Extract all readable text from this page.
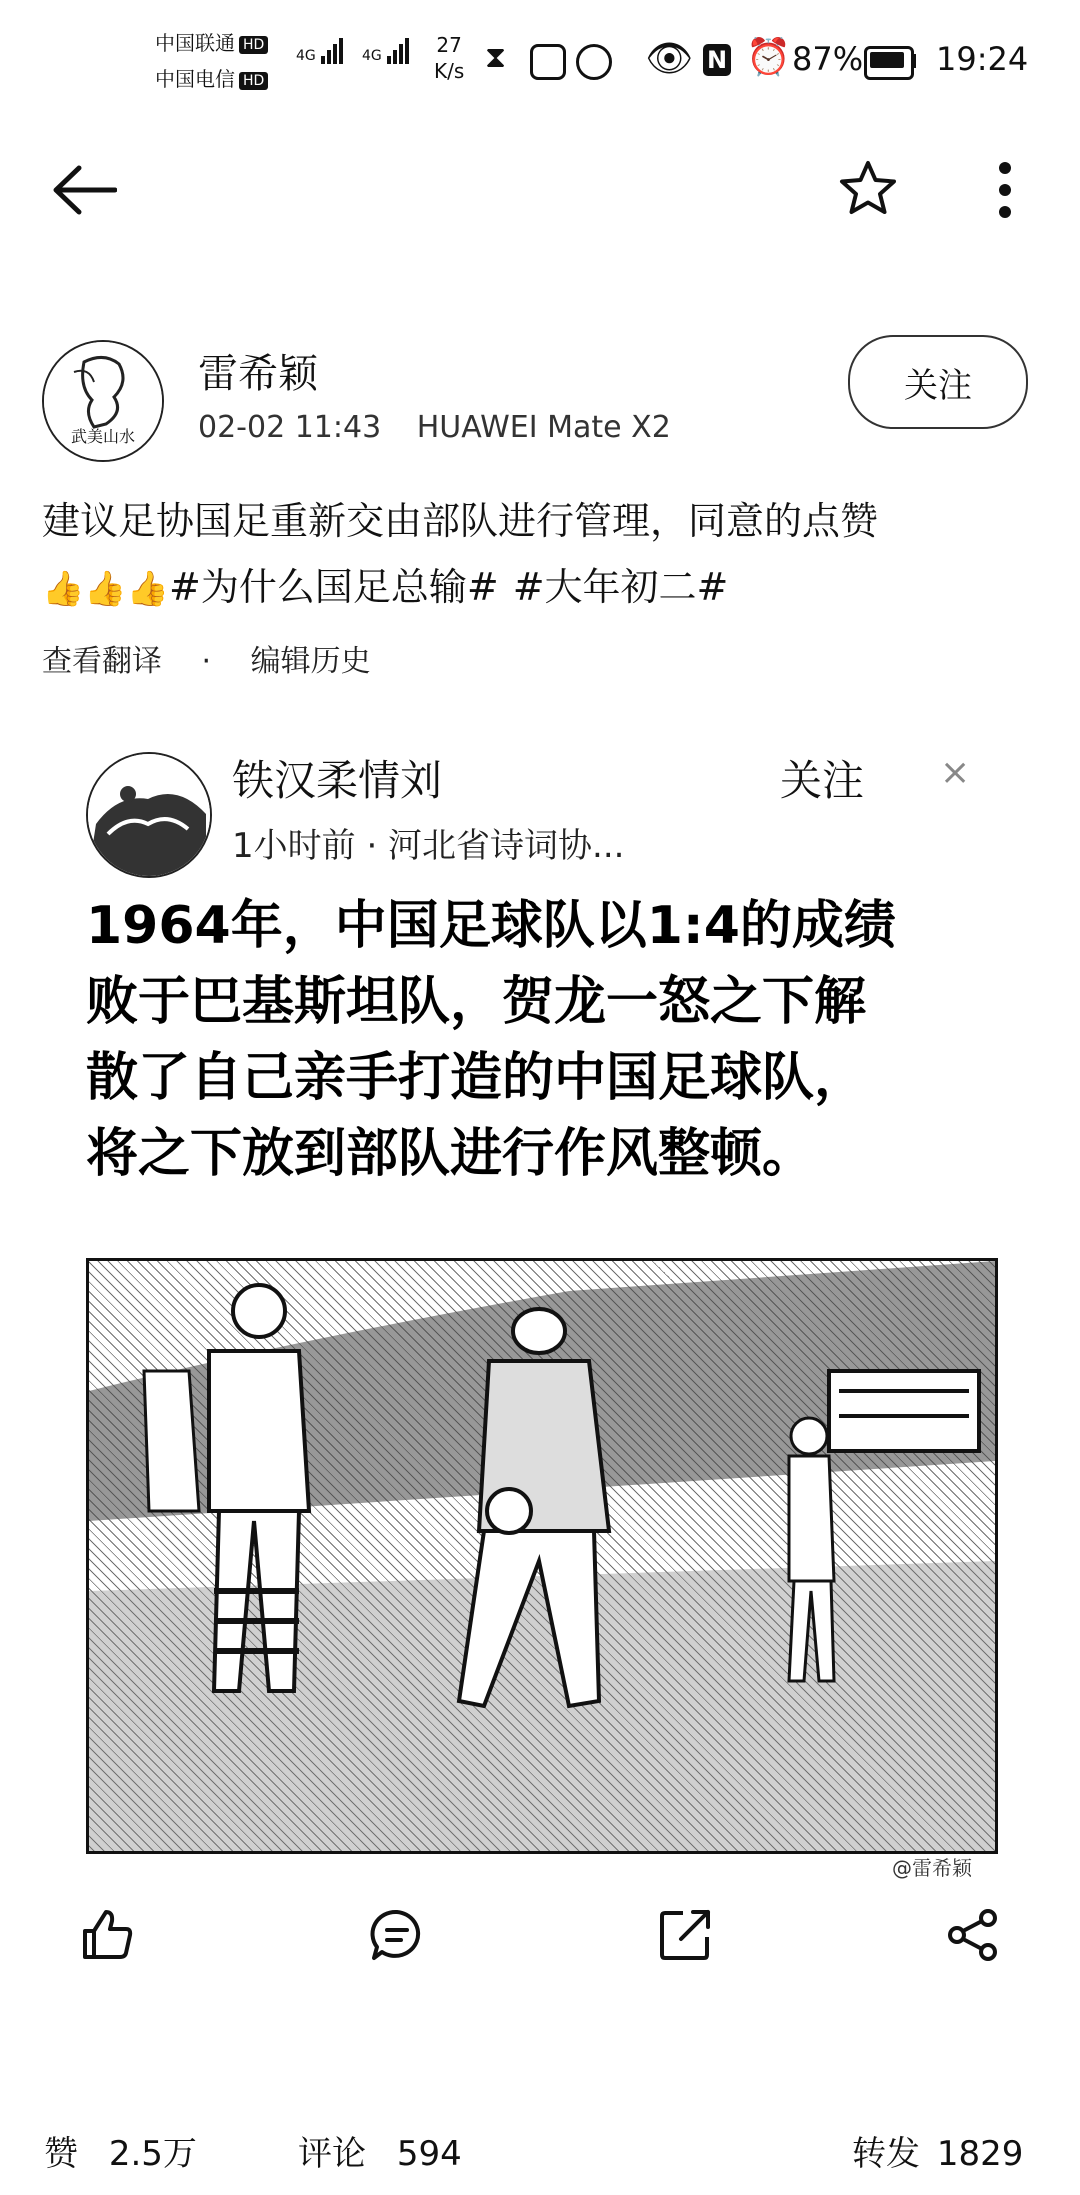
中国联通 HD
中国电信 HD
4G	4G	27
K/s ⧗	👁 N ⏰ 87% 19:24
武美山水
雷希颖
02-02 11:43 HUAWEI Mate X2
关注
建议足协国足重新交由部队进行管理，同意的点赞
👍👍👍#为什么国足总输# #大年初二#
查看翻译 · 编辑历史
铁汉柔情刘	关注 ×
1小时前 · 河北省诗词协...
1964年，中国足球队以1:4的成绩
败于巴基斯坦队，贺龙一怒之下解
散了自己亲手打造的中国足球队，
将之下放到部队进行作风整顿。
@雷希颖
赞 2.5万	评论 594	转发 1829
